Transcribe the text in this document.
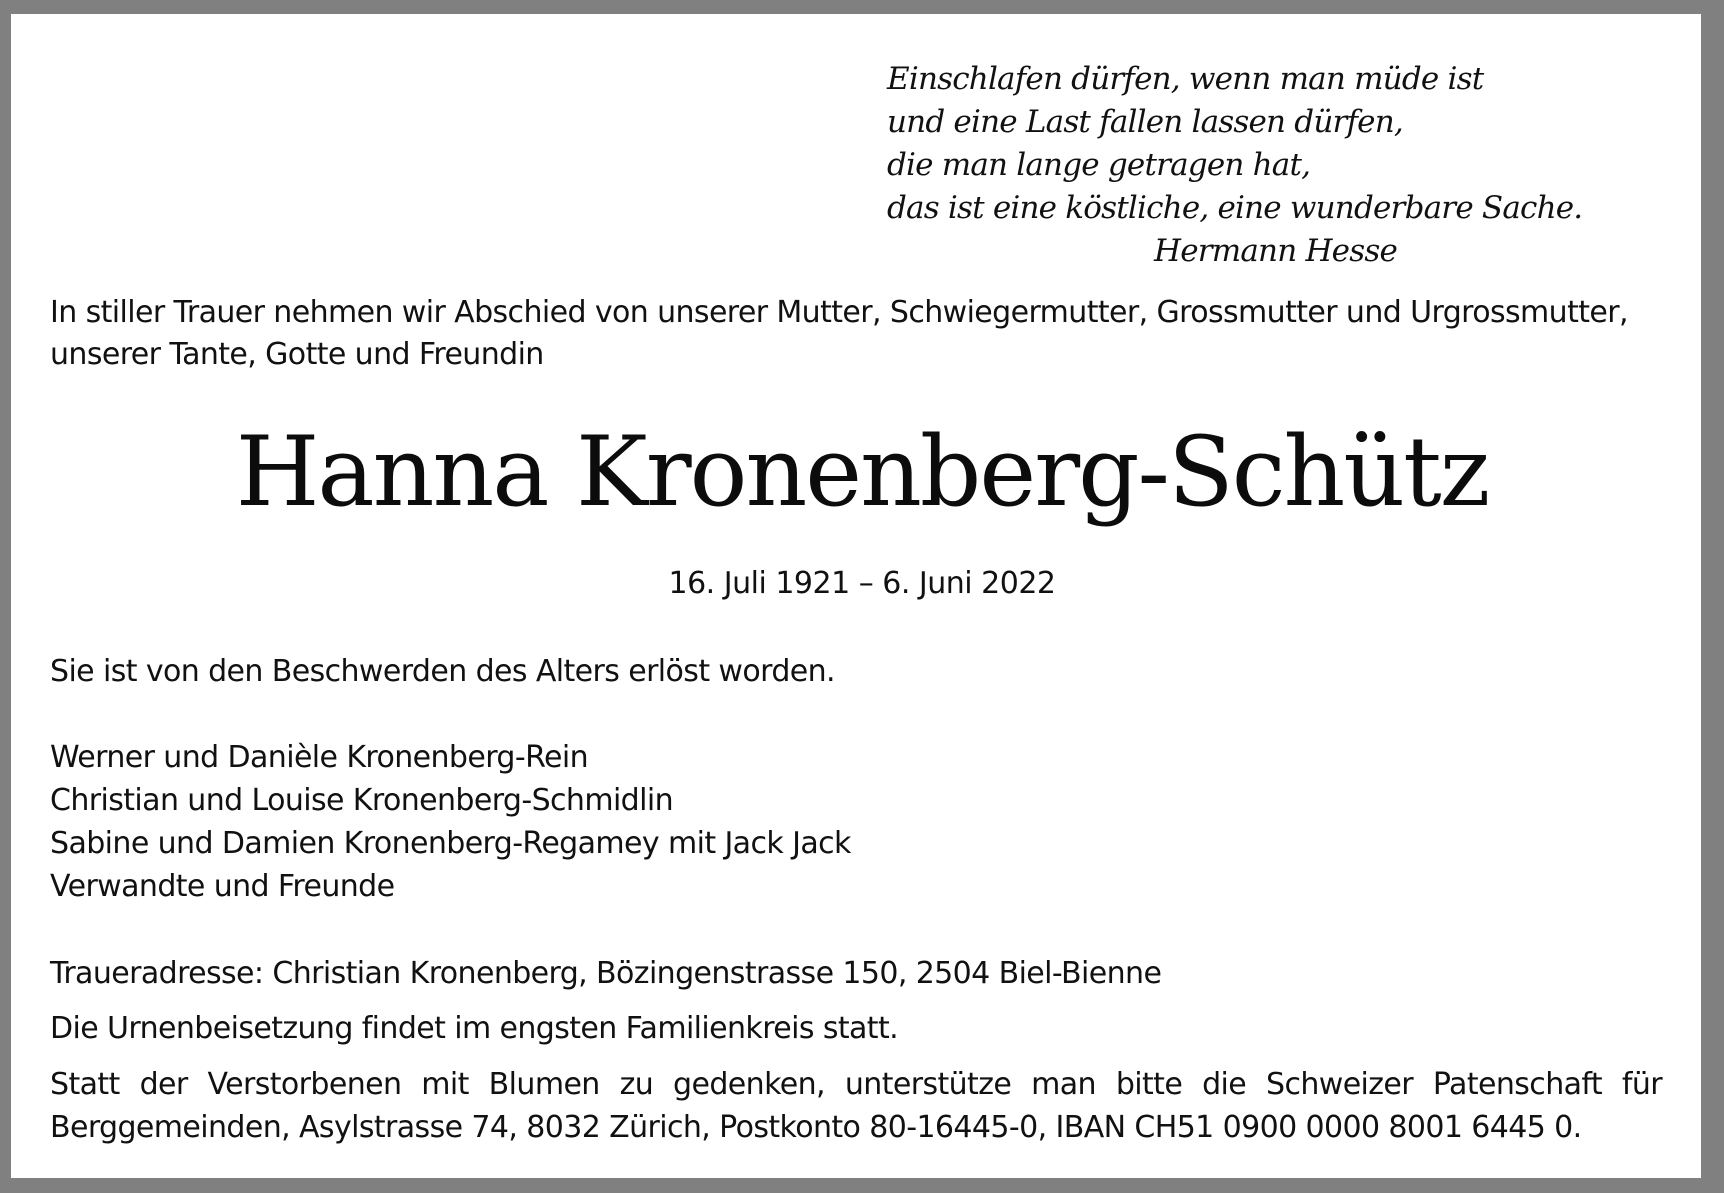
Einschlafen dürfen, wenn man müde ist
und eine Last fallen lassen dürfen,
die man lange getragen hat,
das ist eine köstliche, eine wunderbare Sache.
Hermann Hesse
In stiller Trauer nehmen wir Abschied von unserer Mutter, Schwiegermutter, Grossmutter und Urgrossmutter,
unserer Tante, Gotte und Freundin
Hanna Kronenberg-Schütz
16. Juli 1921 – 6. Juni 2022
Sie ist von den Beschwerden des Alters erlöst worden.
Werner und Danièle Kronenberg-Rein
Christian und Louise Kronenberg-Schmidlin
Sabine und Damien Kronenberg-Regamey mit Jack Jack
Verwandte und Freunde
Traueradresse: Christian Kronenberg, Bözingenstrasse 150, 2504 Biel-Bienne
Die Urnenbeisetzung findet im engsten Familienkreis statt.
Statt der Verstorbenen mit Blumen zu gedenken, unterstütze man bitte die Schweizer Patenschaft für
Berggemeinden, Asylstrasse 74, 8032 Zürich, Postkonto 80-16445-0, IBAN CH51 0900 0000 8001 6445 0.
